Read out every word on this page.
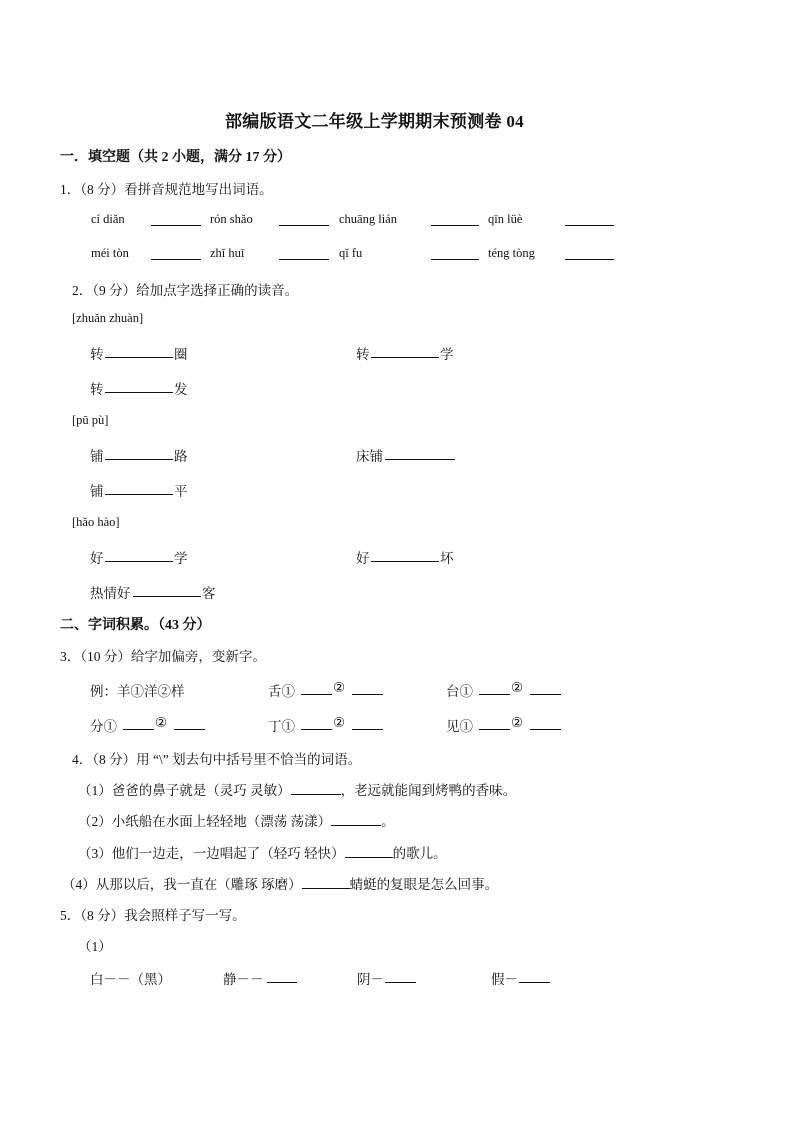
部编版语文二年级上学期期末预测卷 04
一．填空题（共 2 小题，满分 17 分）
1．（8 分）看拼音规范地写出词语。
cí diǎn	rón shǎo	chuāng lián	qīn lüè
méi tòn	zhǐ huī	qǐ fu	téng tòng
2．（9 分）给加点字选择正确的读音。
[zhuǎn zhuàn]
转	圈	转	学
转	发
[pū pù]
铺	路	床铺
铺	平
[hǎo hào]
好	学	好	坏
热情好	客
二、字词积累。（43 分）
3．（10 分）给字加偏旁，变新字。
例：羊①洋②样	舌①	②	台①	②
分①	②	丁①	②	见①	②
4．（8 分）用 “\” 划去句中括号里不恰当的词语。
（1）爸爸的鼻子就是（灵巧 灵敏）	，老远就能闻到烤鸭的香味。
（2）小纸船在水面上轻轻地（漂荡 荡漾）	。
（3）他们一边走，一边唱起了（轻巧 轻快）	的歌儿。
（4）从那以后，我一直在（雕琢 琢磨）	蜻蜓的复眼是怎么回事。
5．（8 分）我会照样子写一写。
（1）
白－－（黑）	静－－	阴－	假－
